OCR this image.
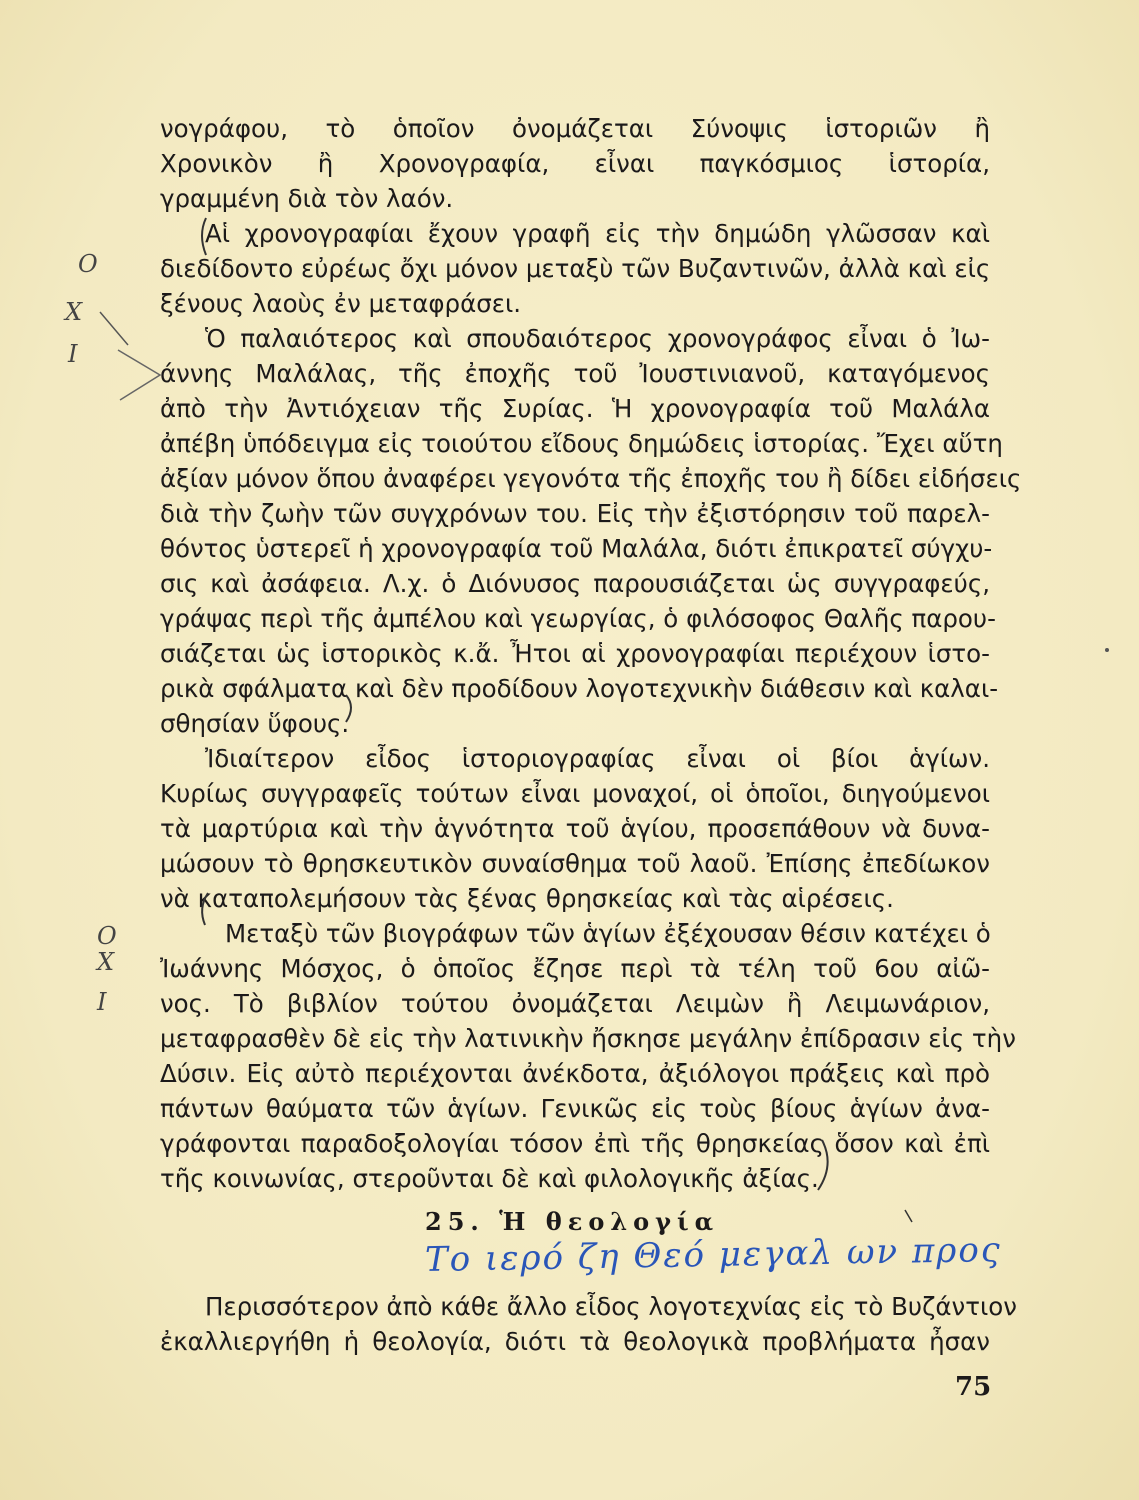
νογράφου, τὸ ὁποῖον ὀνομάζεται Σύνοψις ἱστοριῶν ἢ
Χρονικὸν ἢ Χρονογραφία, εἶναι παγκόσμιος ἱστορία,
γραμμένη διὰ τὸν λαόν.
Αἱ χρονογραφίαι ἔχουν γραφῆ εἰς τὴν δημώδη γλῶσσαν καὶ
διεδίδοντο εὐρέως ὄχι μόνον μεταξὺ τῶν Βυζαντινῶν, ἀλλὰ καὶ εἰς
ξένους λαοὺς ἐν μεταφράσει.
Ὁ παλαιότερος καὶ σπουδαιότερος χρονογράφος εἶναι ὁ Ἰω-
άννης Μαλάλας, τῆς ἐποχῆς τοῦ Ἰουστινιανοῦ, καταγόμενος
ἀπὸ τὴν Ἀντιόχειαν τῆς Συρίας. Ἡ χρονογραφία τοῦ Μαλάλα
ἀπέβη ὑπόδειγμα εἰς τοιούτου εἴδους δημώδεις ἱστορίας. Ἔχει αὕτη
ἀξίαν μόνον ὅπου ἀναφέρει γεγονότα τῆς ἐποχῆς του ἢ δίδει εἰδήσεις
διὰ τὴν ζωὴν τῶν συγχρόνων του. Εἰς τὴν ἐξιστόρησιν τοῦ παρελ-
θόντος ὑστερεῖ ἡ χρονογραφία τοῦ Μαλάλα, διότι ἐπικρατεῖ σύγχυ-
σις καὶ ἀσάφεια. Λ.χ. ὁ Διόνυσος παρουσιάζεται ὡς συγγραφεύς,
γράψας περὶ τῆς ἀμπέλου καὶ γεωργίας, ὁ φιλόσοφος Θαλῆς παρου-
σιάζεται ὡς ἱστορικὸς κ.ἄ. Ἦτοι αἱ χρονογραφίαι περιέχουν ἱστο-
ρικὰ σφάλματα καὶ δὲν προδίδουν λογοτεχνικὴν διάθεσιν καὶ καλαι-
σθησίαν ὕφους.
Ἰδιαίτερον εἶδος ἱστοριογραφίας εἶναι οἱ βίοι ἁγίων.
Κυρίως συγγραφεῖς τούτων εἶναι μοναχοί, οἱ ὁποῖοι, διηγούμενοι
τὰ μαρτύρια καὶ τὴν ἁγνότητα τοῦ ἁγίου, προσεπάθουν νὰ δυνα-
μώσουν τὸ θρησκευτικὸν συναίσθημα τοῦ λαοῦ. Ἐπίσης ἐπεδίωκον
νὰ καταπολεμήσουν τὰς ξένας θρησκείας καὶ τὰς αἱρέσεις.
Μεταξὺ τῶν βιογράφων τῶν ἁγίων ἐξέχουσαν θέσιν κατέχει ὁ
Ἰωάννης Μόσχος, ὁ ὁποῖος ἔζησε περὶ τὰ τέλη τοῦ 6ου αἰῶ-
νος. Τὸ βιβλίον τούτου ὀνομάζεται Λειμὼν ἢ Λειμωνάριον,
μεταφρασθὲν δὲ εἰς τὴν λατινικὴν ἤσκησε μεγάλην ἐπίδρασιν εἰς τὴν
Δύσιν. Εἰς αὐτὸ περιέχονται ἀνέκδοτα, ἀξιόλογοι πράξεις καὶ πρὸ
πάντων θαύματα τῶν ἁγίων. Γενικῶς εἰς τοὺς βίους ἁγίων ἀνα-
γράφονται παραδοξολογίαι τόσον ἐπὶ τῆς θρησκείας ὅσον καὶ ἐπὶ
τῆς κοινωνίας, στεροῦνται δὲ καὶ φιλολογικῆς ἀξίας.
25. Ἡ θεολογία
Το ιερό ζη Θεό μεγαλ ων προς
Περισσότερον ἀπὸ κάθε ἄλλο εἶδος λογοτεχνίας εἰς τὸ Βυζάντιον
ἐκαλλιεργήθη ἡ θεολογία, διότι τὰ θεολογικὰ προβλήματα ἦσαν
Ο
Χ
Ι
Ο
Χ
Ι
75
